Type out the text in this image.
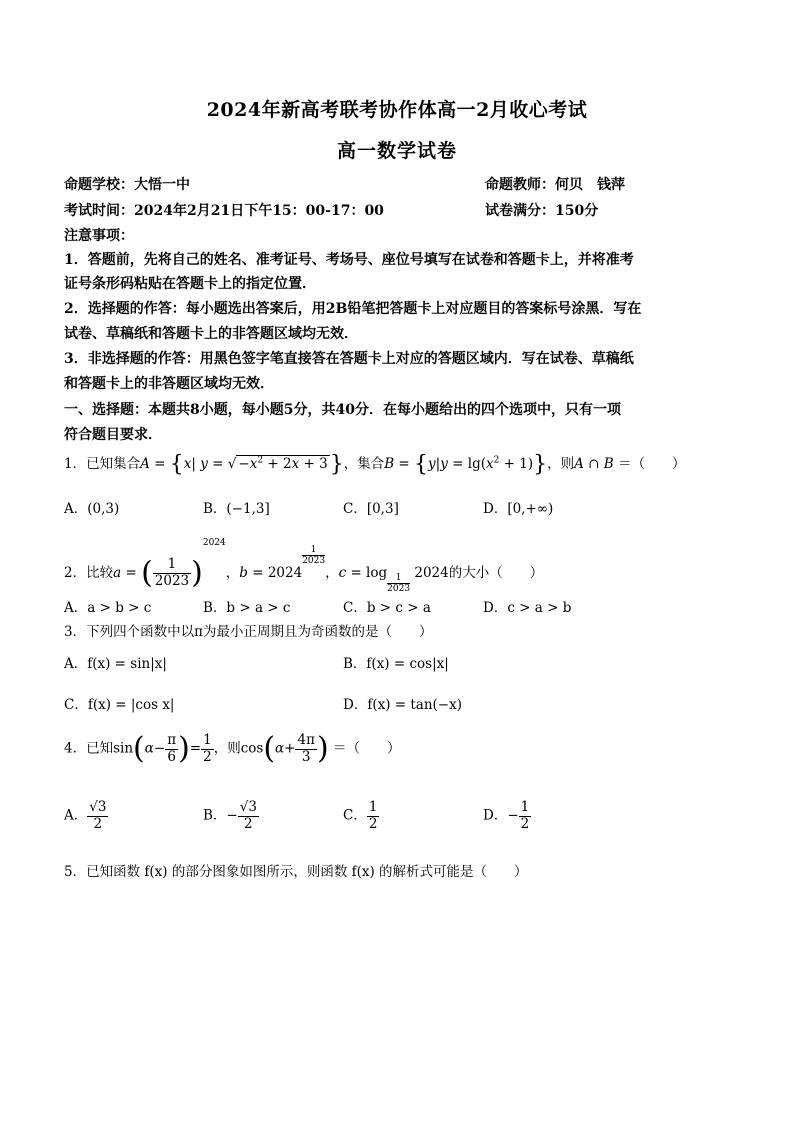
2024年新高考联考协作体高一2月收心考试
高一数学试卷
命题学校：大悟一中	命题教师：何贝　钱萍
考试时间：2024年2月21日下午15：00-17：00	试卷满分：150分
注意事项：
1．答题前，先将自己的姓名、准考证号、考场号、座位号填写在试卷和答题卡上，并将准考
证号条形码粘贴在答题卡上的指定位置．
2．选择题的作答：每小题选出答案后，用2B铅笔把答题卡上对应题目的答案标号涂黑．写在
试卷、草稿纸和答题卡上的非答题区域均无效．
3．非选择题的作答：用黑色签字笔直接答在答题卡上对应的答题区域内．写在试卷、草稿纸
和答题卡上的非答题区域均无效．
一、选择题：本题共8小题，每小题5分，共40分．在每小题给出的四个选项中，只有一项
符合题目要求．
1．已知集合A = {x| y = √ $-x^2 + 2x + 3$}，集合$B = \{y|y = \lg(x^2 + 1)\}$，则A ∩ B ＝（　　）
A．(0,3)	B．(−1,3]	C．[0,3]	D．[0,+∞)
2．比较a = ( $\frac{1}{2023} )^{2024}$，b = 2024
$\frac{1}{2023}$
，$c = \log \frac{1}{2023} 2024$的大小（　　）
A．a > b > c	B．b > a > c	C．b > c > a	D．c > a > b
3．下列四个函数中以π为最小正周期且为奇函数的是（　　）
A．f(x) = sin|x|	B．f(x) = cos|x|
C．f(x) = |cos x|	D．f(x) = tan(−x)
4．已知$\sin(\alpha- \frac{\pi}{6}$ )= $\frac{1}{2}$ ，则$\cos(\alpha+ \frac{4\pi}{3}$ ) ＝（　　）
A． $\frac{√3}{2}$	B．− $\frac{√3}{2}$	C． $\frac{1}{2}$	D．− $\frac{1}{2}$
5．已知函数 f(x) 的部分图象如图所示，则函数 f(x) 的解析式可能是（　　）
